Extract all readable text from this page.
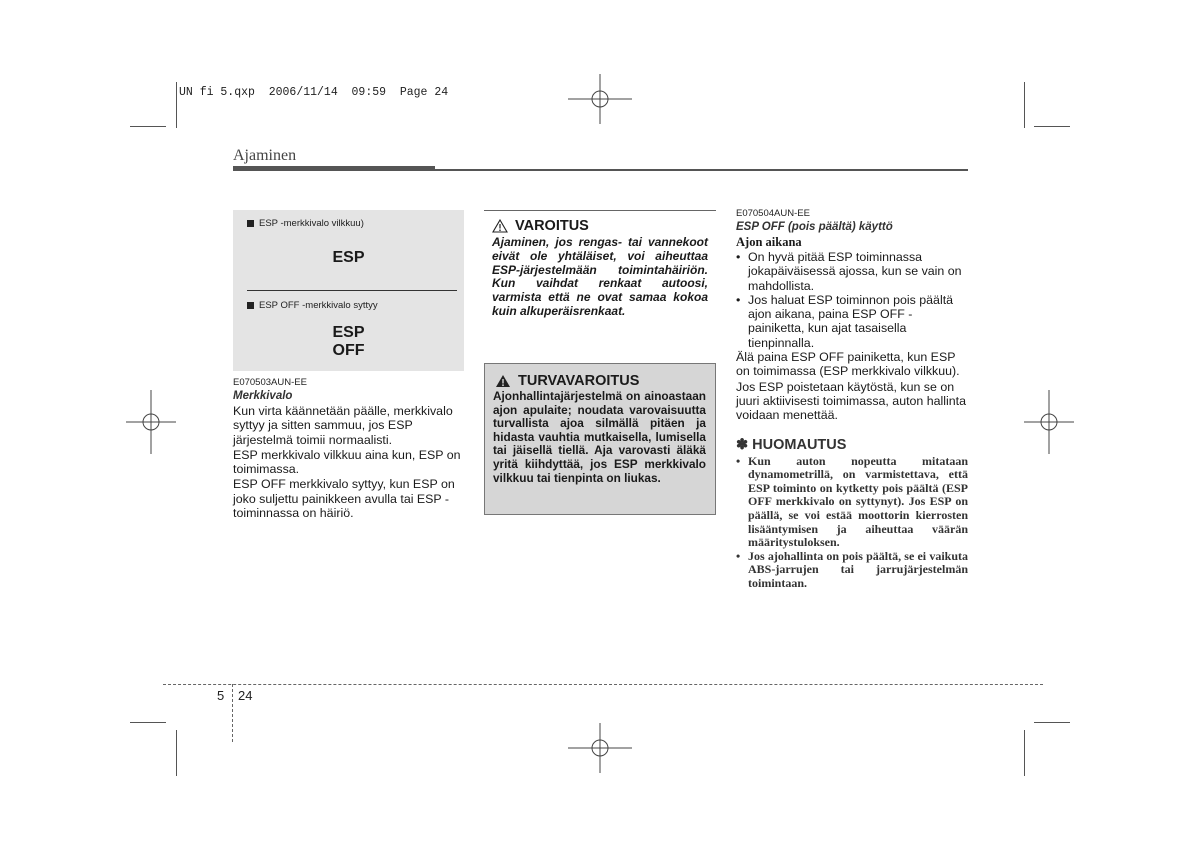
UN fi 5.qxp  2006/11/14  09:59  Page 24
Ajaminen
ESP -merkkivalo vilkkuu)
ESP
ESP OFF -merkkivalo syttyy
ESP
OFF
E070503AUN-EE
Merkkivalo

Kun virta käännetään päälle, merkkivalo syttyy ja sitten sammuu, jos ESP järjestelmä toimii normaalisti.

ESP merkkivalo vilkkuu aina kun, ESP on toimimassa.

ESP OFF merkkivalo syttyy, kun ESP on joko suljettu painikkeen avulla tai ESP - toiminnassa on häiriö.

VAROITUS
Ajaminen, jos rengas- tai vannekoot eivät ole yhtäläiset, voi aiheuttaa ESP-järjestelmään toimintahäiriön. Kun vaihdat renkaat autoosi, varmista että ne ovat samaa kokoa kuin alkuperäisrenkaat.
TURVAVAROITUS
Ajonhallintajärjestelmä on ainoastaan ajon apulaite; noudata varovaisuutta turvallista ajoa silmällä pitäen ja hidasta vauhtia mutkaisella, lumisella tai jäisellä tiellä. Aja varovasti äläkä yritä kiihdyttää, jos ESP merkkivalo vilkkuu tai tienpinta on liukas.
E070504AUN-EE
ESP OFF (pois päältä) käyttö
Ajon aikana
• On hyvä pitää ESP toiminnassa jokapäiväisessä ajossa, kun se vain on mahdollista.
• Jos haluat ESP toiminnon pois päältä ajon aikana, paina ESP OFF -painiketta, kun ajat tasaisella tienpinnalla.

Älä paina ESP OFF painiketta, kun ESP on toimimassa (ESP merkkivalo vilkkuu).

Jos ESP poistetaan käytöstä, kun se on juuri aktiivisesti toimimassa, auton hallinta voidaan menettää.

✽ HUOMAUTUS
• Kun auton nopeutta mitataan dynamometrillä, on varmistettava, että ESP toiminto on kytketty pois päältä (ESP OFF merkkivalo on syttynyt). Jos ESP on päällä, se voi estää moottorin kierrosten lisääntymisen ja aiheuttaa väärän määritystuloksen.
• Jos ajohallinta on pois päältä, se ei vaikuta ABS-jarrujen tai jarrujärjestelmän toimintaan.
5 24
